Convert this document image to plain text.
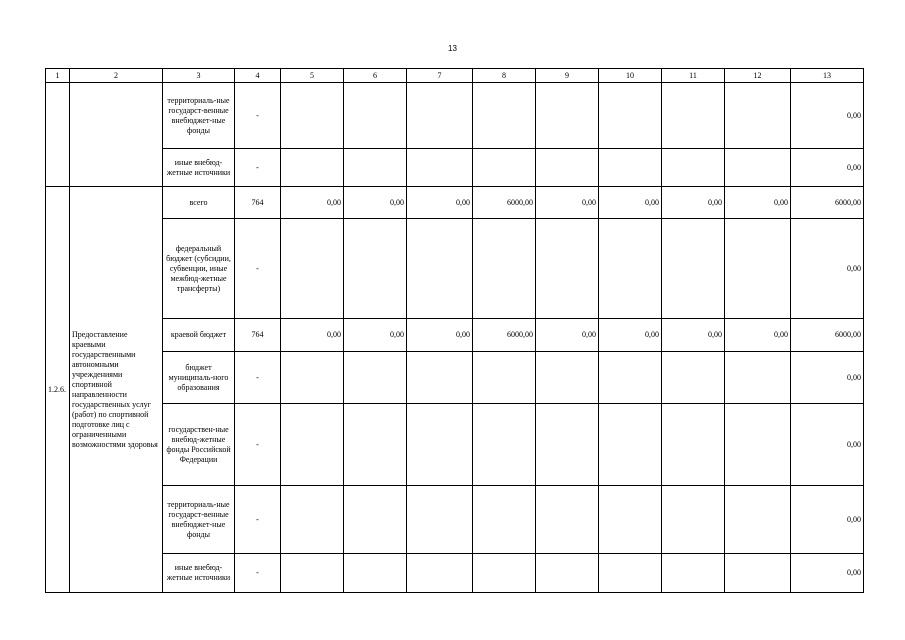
13
1	2	3	4	5	6	7	8	9	10	11	12	13
		территориаль-ные государст-венные внебюджет-ные фонды	-									0,00
		иные внебюд-жетные источники	-									0,00
1.2.6.	Предоставление краевыми государственными автономными учреждениями спортивной направленности государственных услуг (работ) по спортивной подготовке лиц с ограниченными возможностями здоровья	всего	764	0,00	0,00	0,00	6000,00	0,00	0,00	0,00	0,00	6000,00
		федеральный бюджет (субсидии, субвенции, иные межбюд-жетные трансферты)	-									0,00
		краевой бюджет	764	0,00	0,00	0,00	6000,00	0,00	0,00	0,00	0,00	6000,00
		бюджет муниципаль-ного образования	-									0,00
		государствен-ные внебюд-жетные фонды Российской Федерации	-									0,00
		территориаль-ные государст-венные внебюджет-ные фонды	-									0,00
		иные внебюд-жетные источники	-									0,00
